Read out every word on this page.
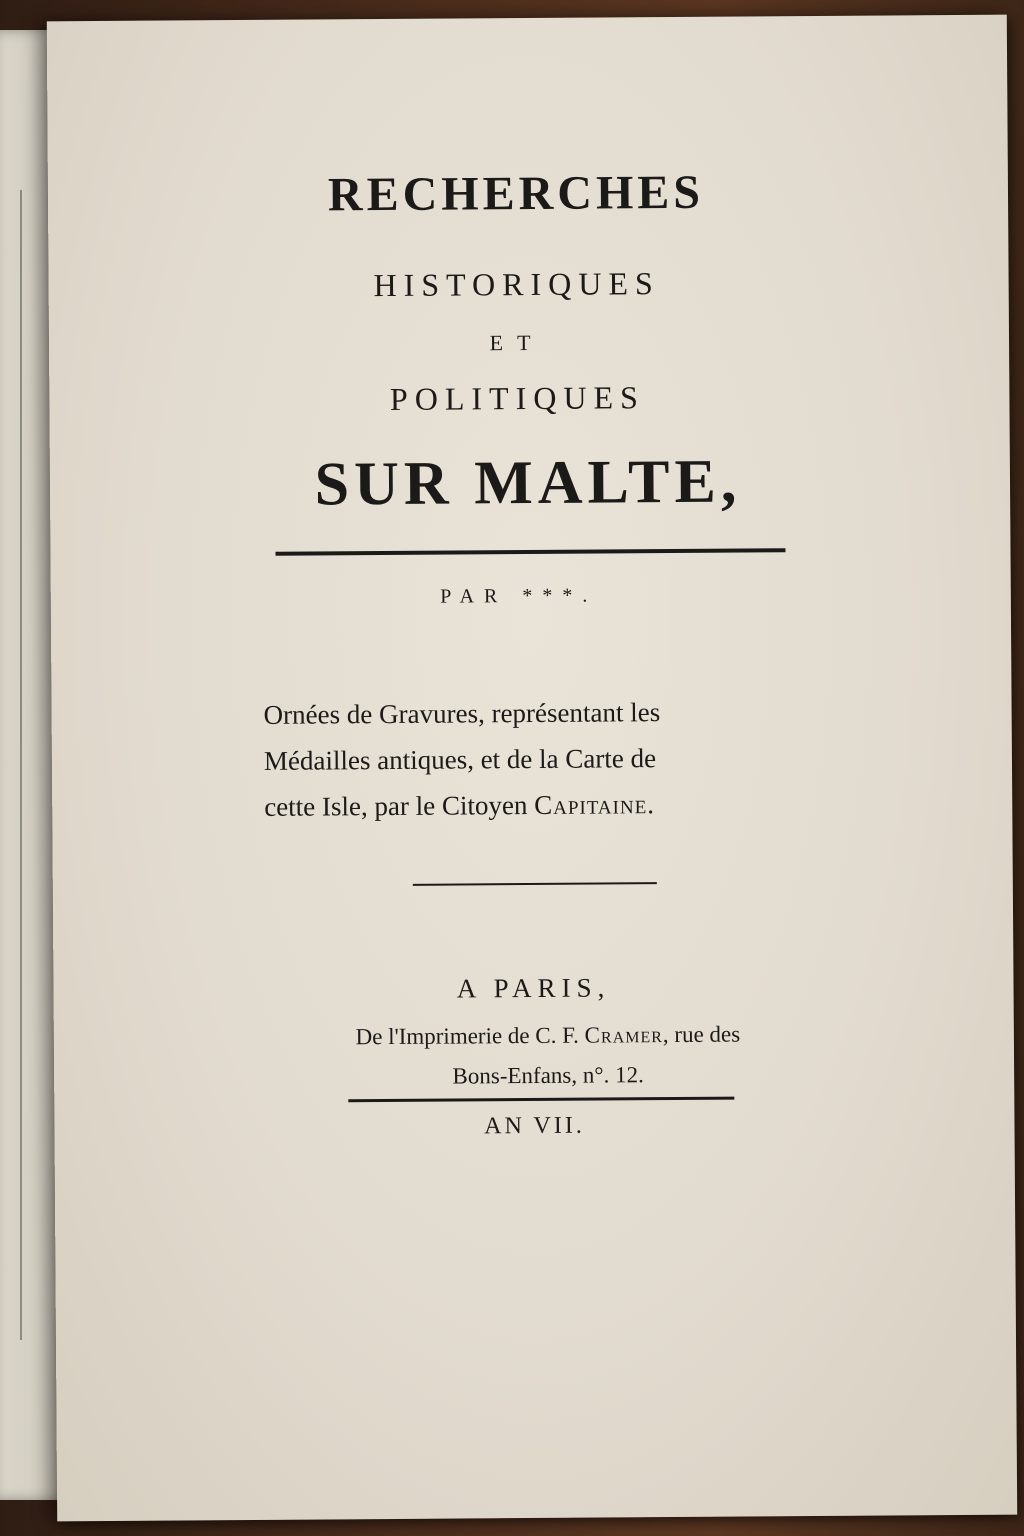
RECHERCHES
HISTORIQUES
ET
POLITIQUES
SUR MALTE,
PAR ***.

Ornées de Gravures, représentant les

Médailles antiques, et de la Carte de

cette Isle, par le Citoyen Capitaine.

A PARIS,

De l'Imprimerie de C. F. Cramer, rue des

Bons-Enfans, n°. 12.

AN VII.
